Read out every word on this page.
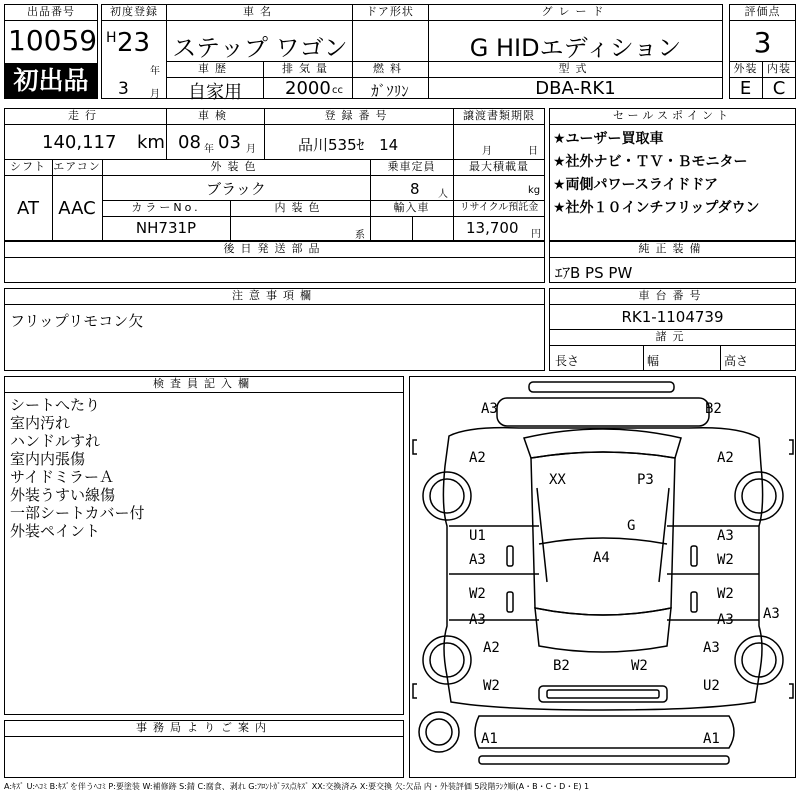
出品番号
10059
初出品
初度登録
H 23
年
3 月
車名
ステップ ワゴン
ドア形状	グレード
G HIDエディション
車歴
自家用
排気量
2000 cc
燃料
ｶﾞｿﾘﾝ
型式
DBA-RK1
評価点
3
外装 内装
E	C
走行
140,117 km
車検
08 年 03 月
登録番号
品川535ｾ　14
譲渡書類期限
月	日
シフト
AT
エアコン
AAC
外装色
ブラック
乗車定員
8 人
最大積載量
kg
カラーNo.
NH731P
内装色
系
輸入車	リサイクル預託金
13,700 円
セールスポイント
★ユーザー買取車
★社外ナビ・ＴＶ・Ｂモニター
★両側パワースライドドア
★社外１０インチフリップダウン
後日発送部品	純正装備
ｴｱB PS PW
注意事項欄
フリップリモコン欠
車台番号
RK1-1104739
諸元
長さ	幅	高さ
検査員記入欄
シートへたり
室内汚れ
ハンドルすれ
室内内張傷
サイドミラーＡ
外装うすい線傷
一部シートカバー付
外装ペイント
事務局よりご案内
A3	B2
A2	A2
XX	P3
G
A4
U1
A3
A3
W2
W2
A3
W2
A3 A3
A2	A3
W2	U2
B2	W2
A1	A1
A:ｷｽﾞ U:ﾍｺﾐ B:ｷｽﾞを伴うﾍｺﾐ P:要塗装 W:補修跡 S:錆 C:腐食、剥れ G:ﾌﾛﾝﾄｶﾞﾗｽ点ｷｽﾞ XX:交換済み X:要交換 欠:欠品 内・外装評価 5段階ﾗﾝｸ順(A・B・C・D・E) 1
